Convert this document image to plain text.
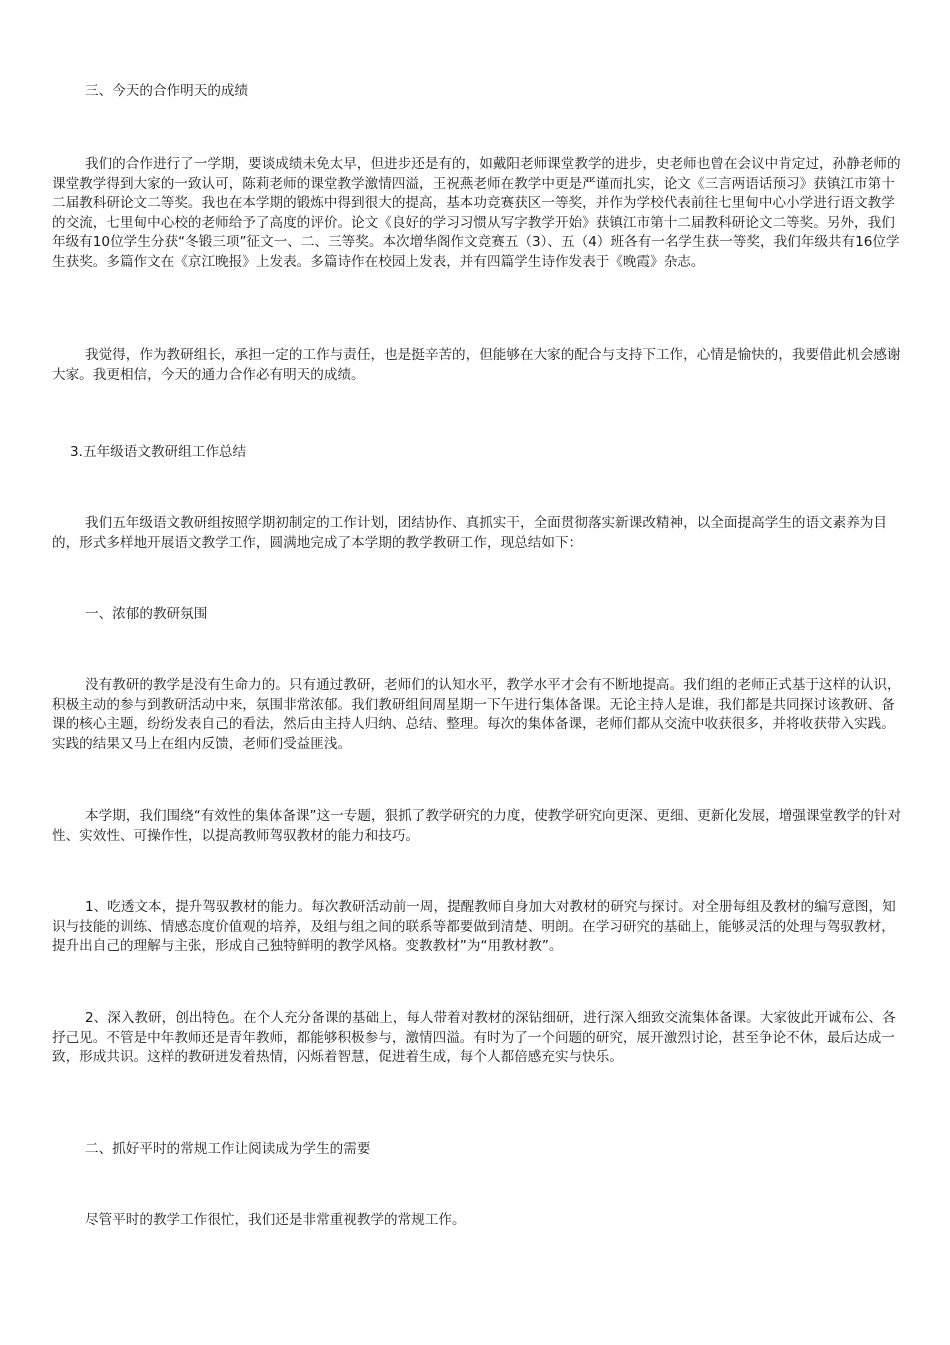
三、今天的合作明天的成绩

我们的合作进行了一学期，要谈成绩未免太早，但进步还是有的，如戴阳老师课堂教学的进步，史老师也曾在会议中肯定过，孙静老师的课堂教学得到大家的一致认可，陈莉老师的课堂教学激情四溢，王祝燕老师在教学中更是严谨而扎实，论文《三言两语话预习》获镇江市第十二届教科研论文二等奖。我也在本学期的锻炼中得到很大的提高，基本功竞赛获区一等奖，并作为学校代表前往七里甸中心小学进行语文教学的交流，七里甸中心校的老师给予了高度的评价。论文《良好的学习习惯从写字教学开始》获镇江市第十二届教科研论文二等奖。另外，我们年级有10位学生分获“冬锻三项”征文一、二、三等奖。本次增华阁作文竞赛五（3）、五（4）班各有一名学生获一等奖，我们年级共有16位学生获奖。多篇作文在《京江晚报》上发表。多篇诗作在校园上发表，并有四篇学生诗作发表于《晚霞》杂志。

我觉得，作为教研组长，承担一定的工作与责任，也是挺辛苦的，但能够在大家的配合与支持下工作，心情是愉快的，我要借此机会感谢大家。我更相信，今天的通力合作必有明天的成绩。

3.五年级语文教研组工作总结

我们五年级语文教研组按照学期初制定的工作计划，团结协作、真抓实干，全面贯彻落实新课改精神，以全面提高学生的语文素养为目的，形式多样地开展语文教学工作，圆满地完成了本学期的教学教研工作，现总结如下：

一、浓郁的教研氛围

没有教研的教学是没有生命力的。只有通过教研，老师们的认知水平，教学水平才会有不断地提高。我们组的老师正式基于这样的认识，积极主动的参与到教研活动中来，氛围非常浓郁。我们教研组间周星期一下午进行集体备课。无论主持人是谁，我们都是共同探讨该教研、备课的核心主题，纷纷发表自己的看法，然后由主持人归纳、总结、整理。每次的集体备课，老师们都从交流中收获很多，并将收获带入实践。实践的结果又马上在组内反馈，老师们受益匪浅。

本学期，我们围绕“有效性的集体备课”这一专题，狠抓了教学研究的力度，使教学研究向更深、更细、更新化发展，增强课堂教学的针对性、实效性、可操作性，以提高教师驾驭教材的能力和技巧。

1、吃透文本，提升驾驭教材的能力。每次教研活动前一周，提醒教师自身加大对教材的研究与探讨。对全册每组及教材的编写意图，知识与技能的训练、情感态度价值观的培养，及组与组之间的联系等都要做到清楚、明朗。在学习研究的基础上，能够灵活的处理与驾驭教材，提升出自己的理解与主张，形成自己独特鲜明的教学风格。变教教材”为“用教材教”。

2、深入教研，创出特色。在个人充分备课的基础上，每人带着对教材的深钻细研，进行深入细致交流集体备课。大家彼此开诚布公、各抒己见。不管是中年教师还是青年教师，都能够积极参与，激情四溢。有时为了一个问题的研究，展开激烈讨论，甚至争论不休，最后达成一致，形成共识。这样的教研迸发着热情，闪烁着智慧，促进着生成，每个人都倍感充实与快乐。

二、抓好平时的常规工作让阅读成为学生的需要

尽管平时的教学工作很忙，我们还是非常重视教学的常规工作。
